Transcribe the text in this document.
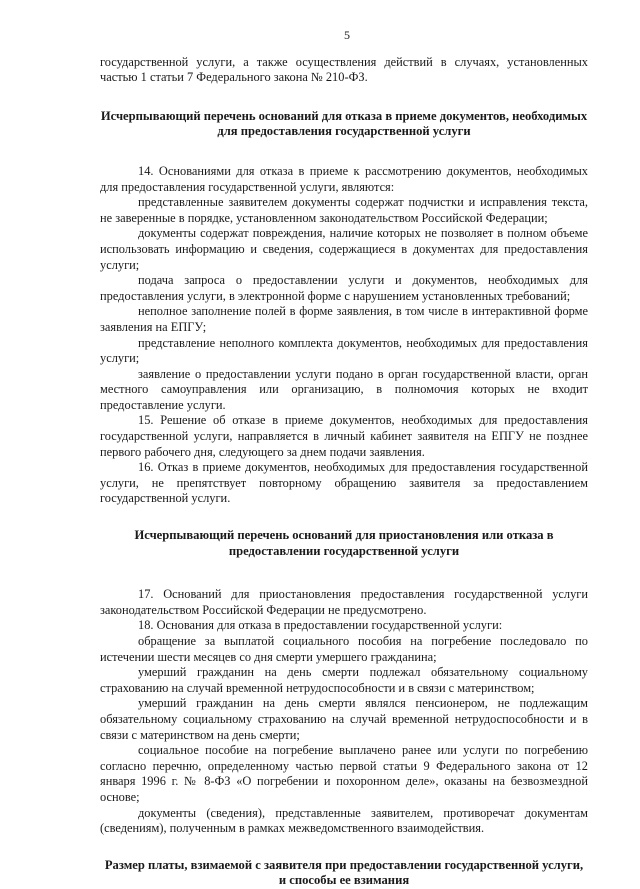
5

государственной услуги, а также осуществления действий в случаях, установленных частью 1 статьи 7 Федерального закона № 210-ФЗ.

Исчерпывающий перечень оснований для отказа в приеме документов, необходимых для предоставления государственной услуги

14. Основаниями для отказа в приеме к рассмотрению документов, необходимых для предоставления государственной услуги, являются:

представленные заявителем документы содержат подчистки и исправления текста, не заверенные в порядке, установленном законодательством Российской Федерации;

документы содержат повреждения, наличие которых не позволяет в полном объеме использовать информацию и сведения, содержащиеся в документах для предоставления услуги;

подача запроса о предоставлении услуги и документов, необходимых для предоставления услуги, в электронной форме с нарушением установленных требований;

неполное заполнение полей в форме заявления, в том числе в интерактивной форме заявления на ЕПГУ;

представление неполного комплекта документов, необходимых для предоставления услуги;

заявление о предоставлении услуги подано в орган государственной власти, орган местного самоуправления или организацию, в полномочия которых не входит предоставление услуги.

15. Решение об отказе в приеме документов, необходимых для предоставления государственной услуги, направляется в личный кабинет заявителя на ЕПГУ не позднее первого рабочего дня, следующего за днем подачи заявления.

16. Отказ в приеме документов, необходимых для предоставления государственной услуги, не препятствует повторному обращению заявителя за предоставлением государственной услуги.

Исчерпывающий перечень оснований для приостановления или отказа в предоставлении государственной услуги

17. Оснований для приостановления предоставления государственной услуги законодательством Российской Федерации не предусмотрено.

18. Основания для отказа в предоставлении государственной услуги:

обращение за выплатой социального пособия на погребение последовало по истечении шести месяцев со дня смерти умершего гражданина;

умерший гражданин на день смерти подлежал обязательному социальному страхованию на случай временной нетрудоспособности и в связи с материнством;

умерший гражданин на день смерти являлся пенсионером, не подлежащим обязательному социальному страхованию на случай временной нетрудоспособности и в связи с материнством на день смерти;

социальное пособие на погребение выплачено ранее или услуги по погребению согласно перечню, определенному частью первой статьи 9 Федерального закона от 12 января 1996 г. № 8-ФЗ «О погребении и похоронном деле», оказаны на безвозмездной основе;

документы (сведения), представленные заявителем, противоречат документам (сведениям), полученным в рамках межведомственного взаимодействия.

Размер платы, взимаемой с заявителя при предоставлении государственной услуги, и способы ее взимания
